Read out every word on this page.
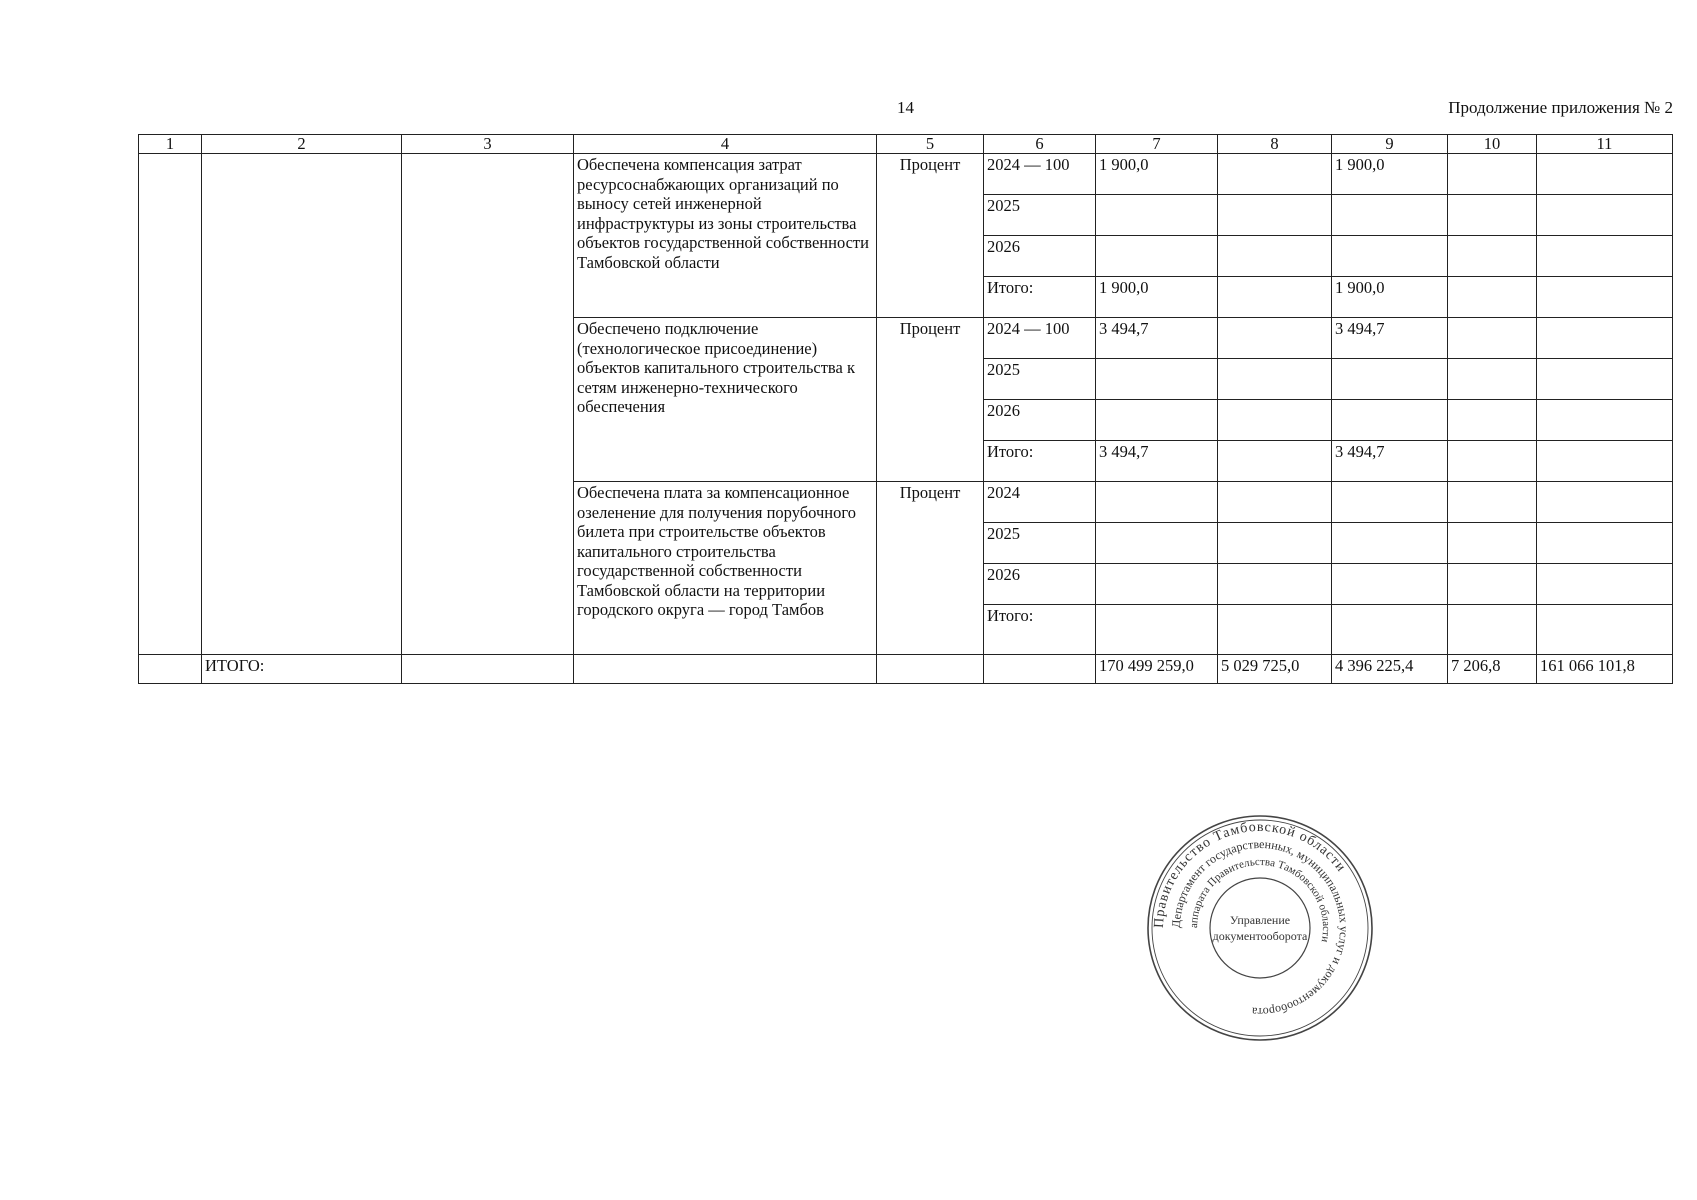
14	Продолжение приложения № 2
1	2	3	4	5	6	7	8	9	10	11
			Обеспечена компенсация затрат ресурсоснабжающих организаций по выносу сетей инженерной инфраструктуры из зоны строительства объектов государственной собственности Тамбовской области	Процент	2024 — 100	1 900,0		1 900,0		
					2025					
					2026					
					Итого:	1 900,0		1 900,0		
			Обеспечено подключение (технологическое присоединение) объектов капитального строительства к сетям инженерно-технического обеспечения	Процент	2024 — 100	3 494,7		3 494,7		
					2025					
					2026					
					Итого:	3 494,7		3 494,7		
			Обеспечена плата за компенсационное озеленение для получения порубочного билета при строительстве объектов капитального строительства государственной собственности Тамбовской области на территории городского округа — город Тамбов	Процент	2024					
					2025					
					2026					
					Итого:					
	ИТОГО:					170 499 259,0	5 029 725,0	4 396 225,4	7 206,8	161 066 101,8
Правительство Тамбовской области
Департамент государственных, муниципальных услуг и документооборота
аппарата Правительства Тамбовской области
Управление
документооборота
